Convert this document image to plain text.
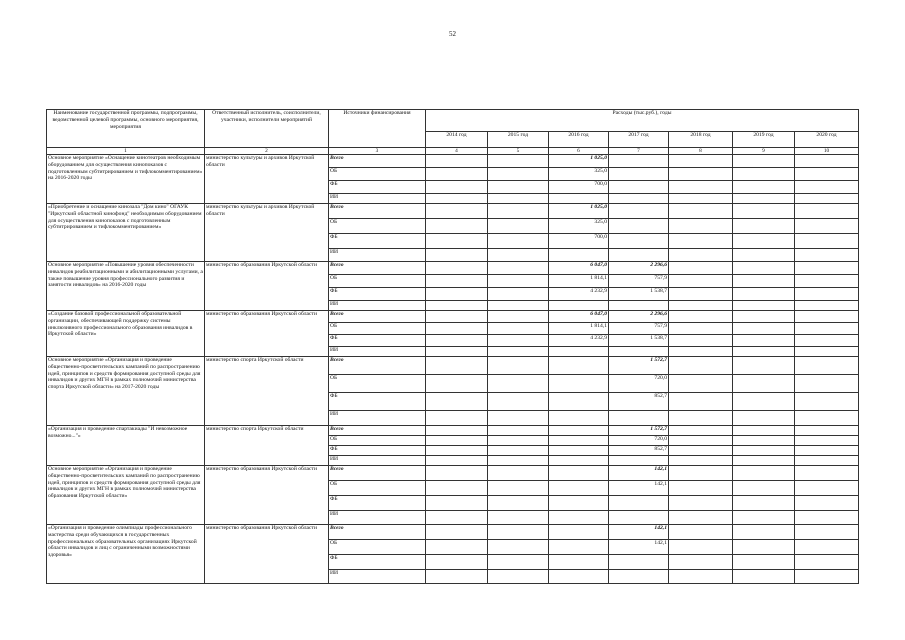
52
Наименование государственной программы, подпрограммы, ведомственной целевой программы, основного мероприятия, мероприятия	Ответственный исполнитель, соисполнители, участники, исполнители мероприятий	Источники финансирования	Расходы (тыс.руб.), годы						
			2014 год	2015 год	2016 год	2017 год	2018 год	2019 год	2020 год
1	2	3	4	5	6	7	8	9	10
Основное мероприятие «Оснащение кинотеатров необходимым оборудованием для осуществления кинопоказов с подготовленным субтитрированием и тифлокомментированием» на 2016-2020 годы	министерство культуры и архивов Иркутской области	Всего			1 025,0				
		ОБ			325,0				
		ФБ			700,0				
		ИИ							
«Приобретение и оснащение кинозала "Дом кино" ОГАУК "Иркутский областной кинофонд" необходимым оборудованием для осуществления кинопоказов с подготовленным субтитрированием и тифлокомментированием»	министерство культуры и архивов Иркутской области	Всего			1 025,0				
		ОБ			325,0				
		ФБ			700,0				
		ИИ							
Основное мероприятие «Повышение уровня обеспеченности инвалидов реабилитационными и абилитационными услугами, а также повышение уровня профессионального развития и занятости инвалидов» на 2016-2020 годы	министерство образования Иркутской области	Всего			6 047,0	2 296,6			
		ОБ			1 814,1	757,9			
		ФБ			4 232,9	1 538,7			
		ИИ							
«Создание базовой профессиональной образовательной организации, обеспечивающей поддержку системы инклюзивного профессионального образования инвалидов в Иркутской области»	министерство образования Иркутской области	Всего			6 047,0	2 296,6			
		ОБ			1 814,1	757,9			
		ФБ			4 232,9	1 538,7			
		ИИ							
Основное мероприятие «Организация и проведение общественно-просветительских кампаний по распространению идей, принципов и средств формирования доступной среды для инвалидов и других МГН в рамках полномочий министерства спорта Иркутской области» на 2017-2020 годы	министерство спорта Иркутской области	Всего				1 572,7			
		ОБ				720,0			
		ФБ				852,7			
		ИИ							
«Организация и проведение спартакиады "И невозможное возможно..."»	министерство спорта Иркутской области	Всего				1 572,7			
		ОБ				720,0			
		ФБ				852,7			
		ИИ							
Основное мероприятие «Организация и проведение общественно-просветительских кампаний по распространению идей, принципов и средств формирования доступной среды для инвалидов и других МГН в рамках полномочий министерства образования Иркутской области»	министерство образования Иркутской области	Всего				142,1			
		ОБ				142,1			
		ФБ							
		ИИ							
«Организация и проведение олимпиады профессионального мастерства среди обучающихся в государственных профессиональных образовательных организациях Иркутской области инвалидов и лиц с ограниченными возможностями здоровья»	министерство образования Иркутской области	Всего				142,1			
		ОБ				142,1			
		ФБ							
		ИИ							
